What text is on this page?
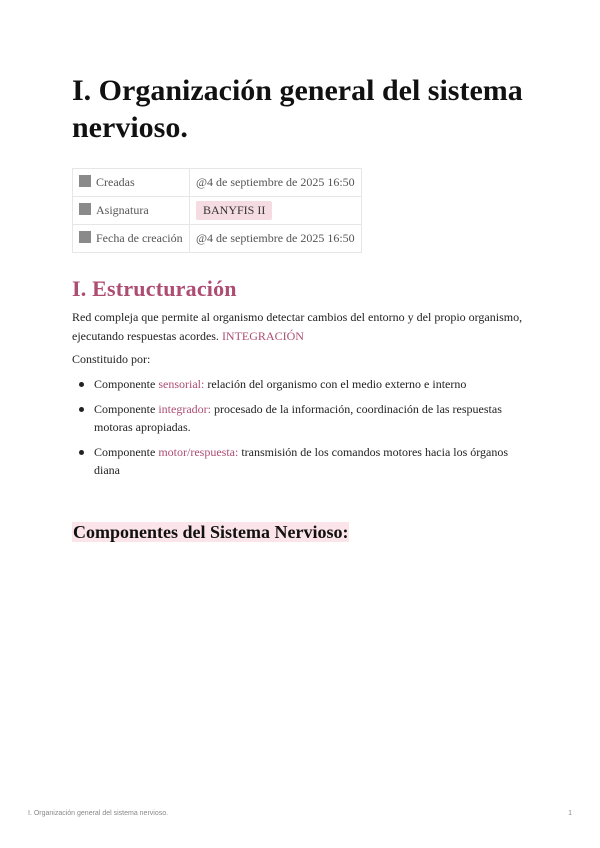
I. Organización general del sistema nervioso.
Creadas	@4 de septiembre de 2025 16:50
Asignatura	BANYFIS II
Fecha de creación	@4 de septiembre de 2025 16:50
I. Estructuración

Red compleja que permite al organismo detectar cambios del entorno y del propio organismo, ejecutando respuestas acordes. INTEGRACIÓN

Constituido por:

Componente sensorial: relación del organismo con el medio externo e interno
Componente integrador: procesado de la información, coordinación de las respuestas motoras apropiadas.
Componente motor/respuesta: transmisión de los comandos motores hacia los órganos diana
Componentes del Sistema Nervioso:
I. Organización general del sistema nervioso.	1
